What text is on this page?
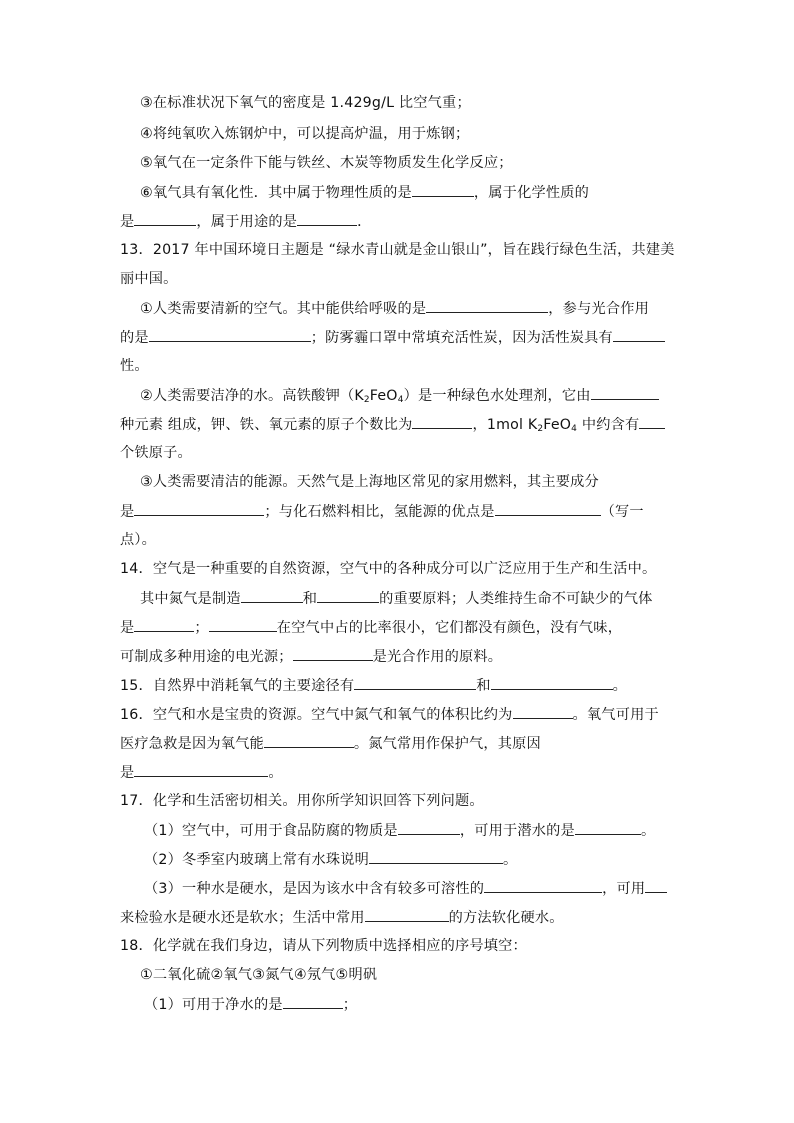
③在标准状况下氧气的密度是 1.429g/L 比空气重；
④将纯氧吹入炼钢炉中，可以提高炉温，用于炼钢；
⑤氧气在一定条件下能与铁丝、木炭等物质发生化学反应；
⑥氧气具有氧化性．其中属于物理性质的是	，属于化学性质的
是	，属于用途的是	．
13．2017 年中国环境日主题是 “绿水青山就是金山银山”，旨在践行绿色生活，共建美
丽中国。
①人类需要清新的空气。其中能供给呼吸的是	，参与光合作用
的是	；防雾霾口罩中常填充活性炭，因为活性炭具有
性。
②人类需要洁净的水。高铁酸钾$(K_2FeO_4)$是一种绿色水处理剂，它由
种元素 组成，钾、铁、氧元素的原子个数比为	，1mol $K_2FeO_4$ 中约含有
个铁原子。
③人类需要清洁的能源。天然气是上海地区常见的家用燃料，其主要成分
是	；与化石燃料相比，氢能源的优点是	（写一
点）。
14．空气是一种重要的自然资源，空气中的各种成分可以广泛应用于生产和生活中。
其中氮气是制造	和	的重要原料；人类维持生命不可缺少的气体
是	；	在空气中占的比率很小，它们都没有颜色，没有气味，
可制成多种用途的电光源；	是光合作用的原料。
15．自然界中消耗氧气的主要途径有	和	。
16．空气和水是宝贵的资源。空气中氮气和氧气的体积比约为	。氧气可用于
医疗急救是因为氧气能	。氮气常用作保护气，其原因
是	。
17．化学和生活密切相关。用你所学知识回答下列问题。
（1）空气中，可用于食品防腐的物质是	，可用于潜水的是	。
（2）冬季室内玻璃上常有水珠说明	。
（3）一种水是硬水，是因为该水中含有较多可溶性的	，可用
来检验水是硬水还是软水；生活中常用	的方法软化硬水。
18．化学就在我们身边，请从下列物质中选择相应的序号填空：
①二氧化硫②氧气③氮气④氖气⑤明矾
（1）可用于净水的是	；
